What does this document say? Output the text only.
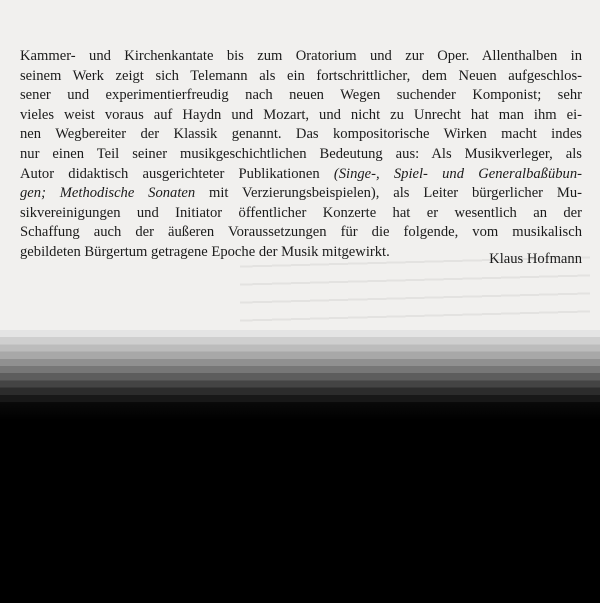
Kammer- und Kirchenkantate bis zum Oratorium und zur Oper. Allenthalben in
seinem Werk zeigt sich Telemann als ein fortschrittlicher, dem Neuen aufgeschlos-
sener und experimentierfreudig nach neuen Wegen suchender Komponist; sehr
vieles weist voraus auf Haydn und Mozart, und nicht zu Unrecht hat man ihm ei-
nen Wegbereiter der Klassik genannt. Das kompositorische Wirken macht indes
nur einen Teil seiner musikgeschichtlichen Bedeutung aus: Als Musikverleger, als
Autor didaktisch ausgerichteter Publikationen (Singe-, Spiel- und Generalbaßübun-
gen; Methodische Sonaten mit Verzierungsbeispielen), als Leiter bürgerlicher Mu-
sikvereinigungen und Initiator öffentlicher Konzerte hat er wesentlich an der
Schaffung auch der äußeren Voraussetzungen für die folgende, vom musikalisch
gebildeten Bürgertum getragene Epoche der Musik mitgewirkt.	Klaus Hofmann
